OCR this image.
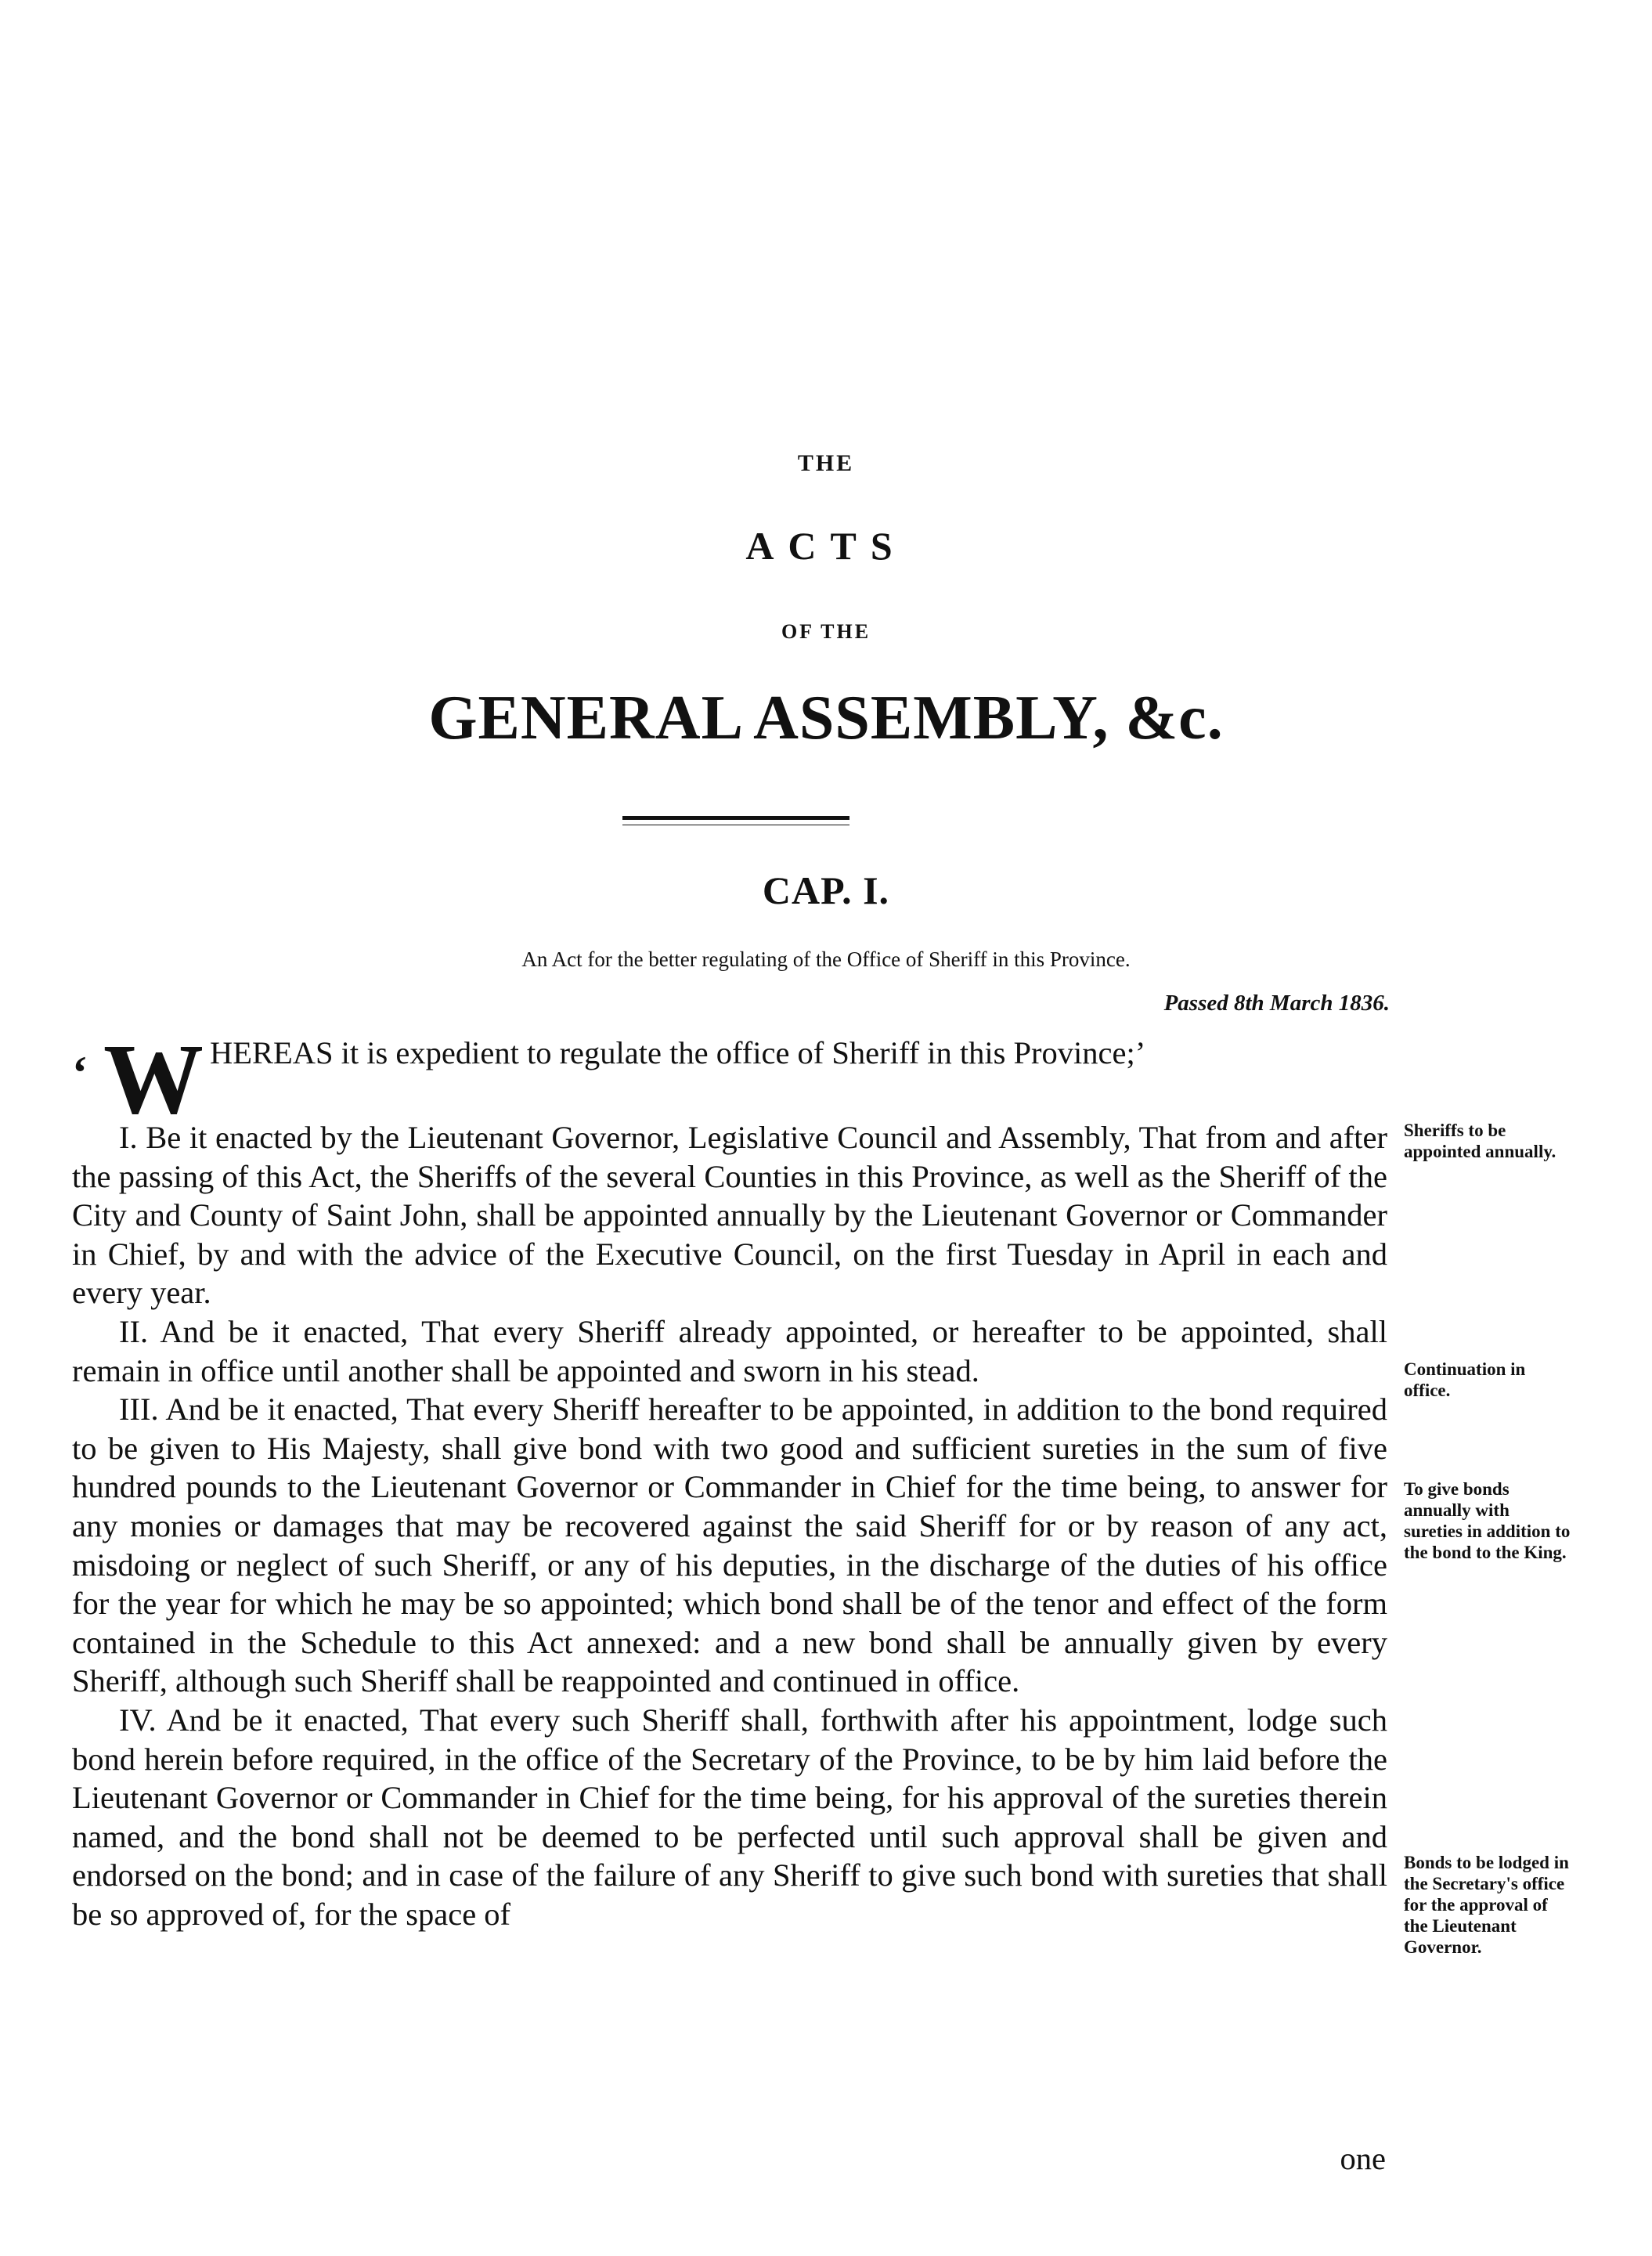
THE
ACTS
OF THE
GENERAL ASSEMBLY, &c.
CAP. I.
An Act for the better regulating of the Office of Sheriff in this Province.
Passed 8th March 1836.

‘ W HEREAS it is expedient to regulate the office of Sheriff in this Province;’

I. Be it enacted by the Lieutenant Governor, Legislative Council and Assembly, That from and after the passing of this Act, the Sheriffs of the several Counties in this Province, as well as the Sheriff of the City and County of Saint John, shall be appointed annually by the Lieutenant Governor or Commander in Chief, by and with the advice of the Executive Council, on the first Tuesday in April in each and every year.

II. And be it enacted, That every Sheriff already appointed, or hereafter to be appointed, shall remain in office until another shall be appointed and sworn in his stead.

III. And be it enacted, That every Sheriff hereafter to be appointed, in addition to the bond required to be given to His Majesty, shall give bond with two good and sufficient sureties in the sum of five hundred pounds to the Lieutenant Governor or Commander in Chief for the time being, to answer for any monies or damages that may be recovered against the said Sheriff for or by reason of any act, misdoing or neglect of such Sheriff, or any of his deputies, in the discharge of the duties of his office for the year for which he may be so appointed; which bond shall be of the tenor and effect of the form contained in the Schedule to this Act annexed: and a new bond shall be annually given by every Sheriff, although such Sheriff shall be reappointed and continued in office.

IV. And be it enacted, That every such Sheriff shall, forthwith after his appointment, lodge such bond herein before required, in the office of the Secretary of the Province, to be by him laid before the Lieutenant Governor or Commander in Chief for the time being, for his approval of the sureties therein named, and the bond shall not be deemed to be perfected until such approval shall be given and endorsed on the bond; and in case of the failure of any Sheriff to give such bond with sureties that shall be so approved of, for the space of

Sheriffs to be appointed annually.
Continuation in office.
To give bonds annually with sureties in addition to the bond to the King.
Bonds to be lodged in the Secretary's office for the approval of the Lieutenant Governor.
one
